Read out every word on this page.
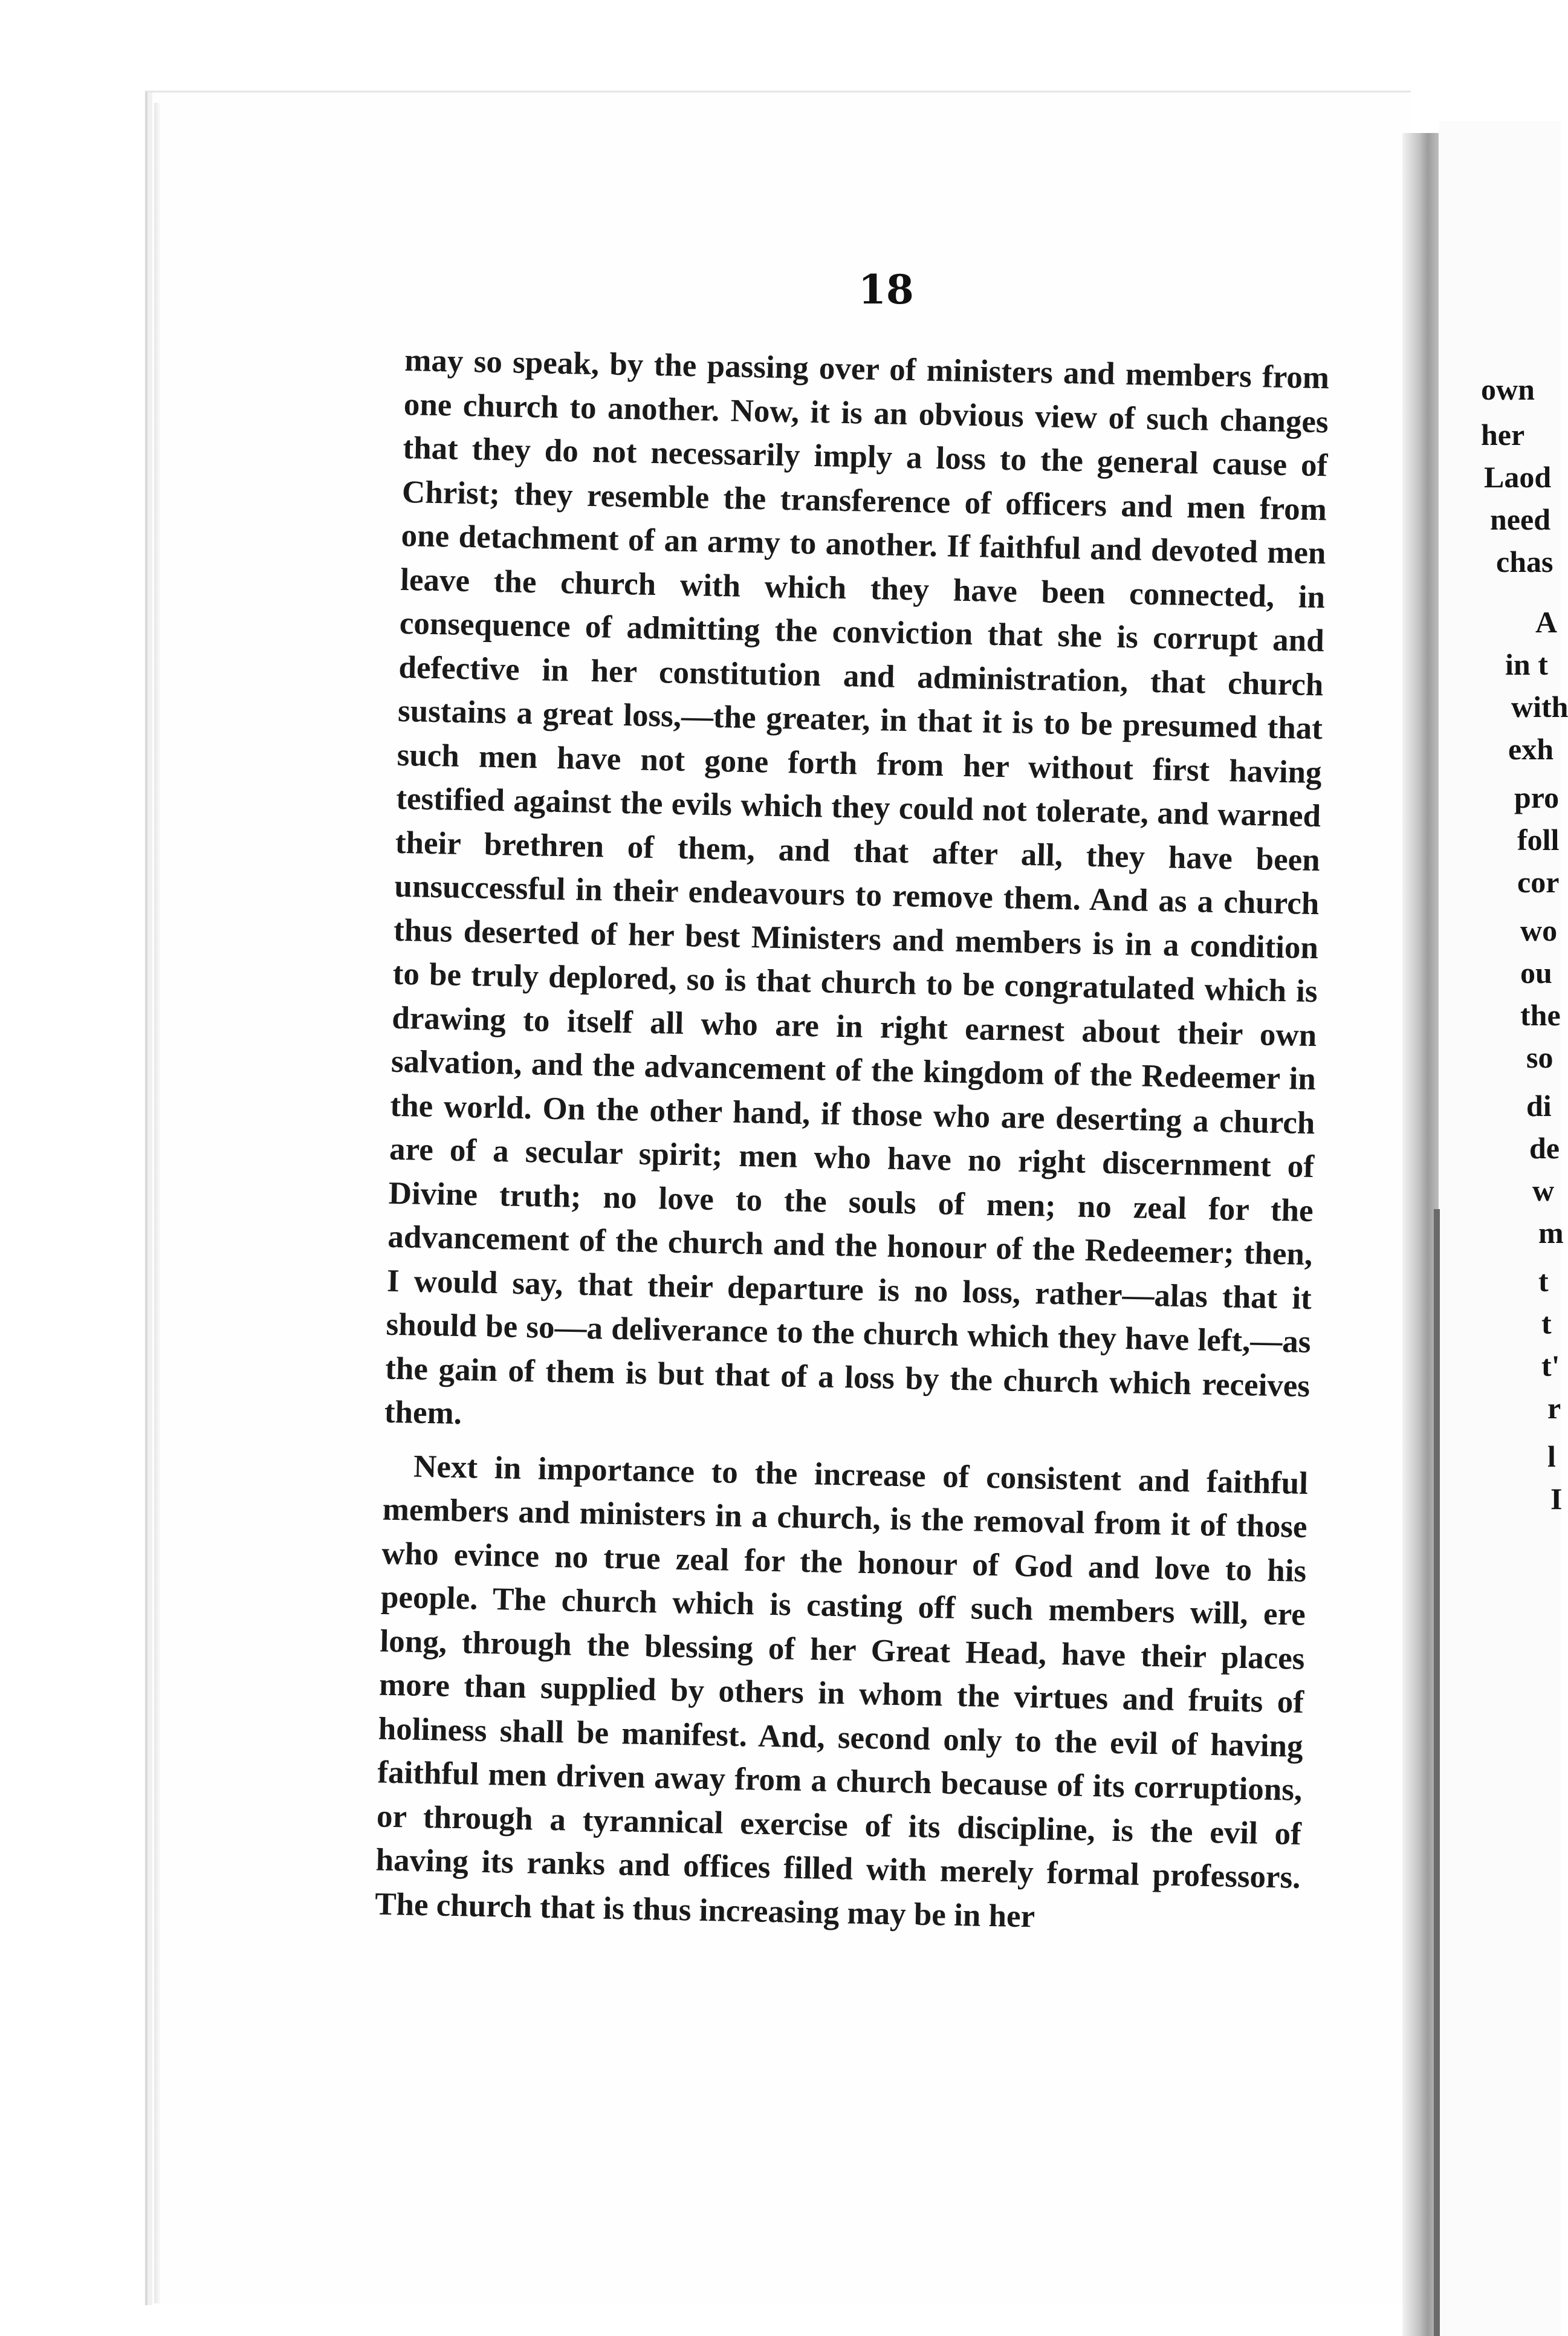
18

may so speak, by the passing over of ministers and members from one church to another. Now, it is an obvious view of such changes that they do not necessarily imply a loss to the general cause of Christ; they resemble the transference of officers and men from one detachment of an army to another. If faithful and devoted men leave the church with which they have been connected, in consequence of admitting the conviction that she is corrupt and defective in her constitution and administration, that church sustains a great loss,—the greater, in that it is to be presumed that such men have not gone forth from her without first having testified against the evils which they could not tolerate, and warned their brethren of them, and that after all, they have been unsuccessful in their endeavours to remove them. And as a church thus deserted of her best Ministers and members is in a condition to be truly deplored, so is that church to be congratulated which is drawing to itself all who are in right earnest about their own salvation, and the advancement of the kingdom of the Redeemer in the world. On the other hand, if those who are deserting a church are of a secular spirit; men who have no right discernment of Divine truth; no love to the souls of men; no zeal for the advancement of the church and the honour of the Redeemer; then, I would say, that their departure is no loss, rather—alas that it should be so—a deliverance to the church which they have left,—as the gain of them is but that of a loss by the church which receives them.

Next in importance to the increase of consistent and faithful members and ministers in a church, is the removal from it of those who evince no true zeal for the honour of God and love to his people. The church which is casting off such members will, ere long, through the blessing of her Great Head, have their places more than supplied by others in whom the virtues and fruits of holiness shall be manifest. And, second only to the evil of having faithful men driven away from a church because of its corruptions, or through a tyrannical exercise of its discipline, is the evil of having its ranks and offices filled with merely formal professors. The church that is thus increasing may be in her

own
her
Laod
need
chas
A
in t
with
exh
pro
foll
cor
wo
ou
the
so
di
de
w
m
t
t
t'
r
l
I
